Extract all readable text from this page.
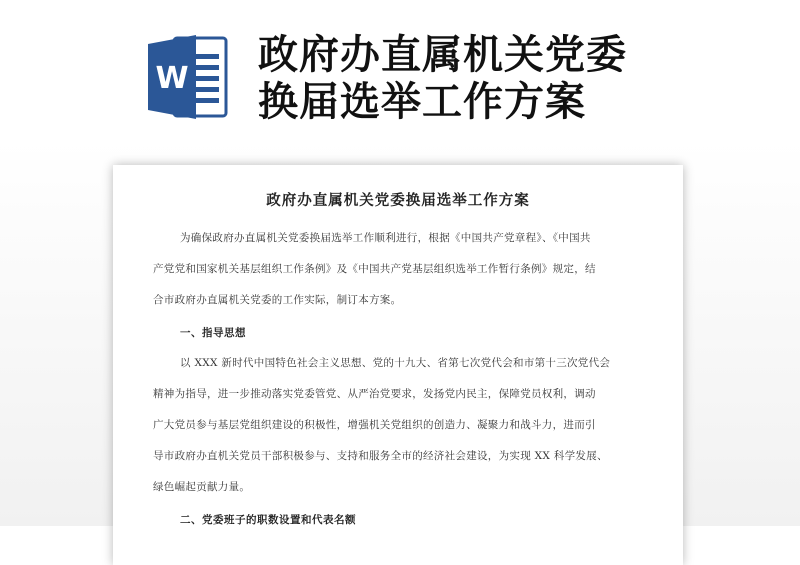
W
政府办直属机关党委
换届选举工作方案
政府办直属机关党委换届选举工作方案
为确保政府办直属机关党委换届选举工作顺利进行，根据《中国共产党章程》、《中国共
产党党和国家机关基层组织工作条例》及《中国共产党基层组织选举工作暂行条例》规定，结
合市政府办直属机关党委的工作实际，制订本方案。
一、指导思想
以 XXX 新时代中国特色社会主义思想、党的十九大、省第七次党代会和市第十三次党代会
精神为指导，进一步推动落实党委管党、从严治党要求，发扬党内民主，保障党员权利，调动
广大党员参与基层党组织建设的积极性，增强机关党组织的创造力、凝聚力和战斗力，进而引
导市政府办直机关党员干部积极参与、支持和服务全市的经济社会建设，为实现 XX 科学发展、
绿色崛起贡献力量。
二、党委班子的职数设置和代表名额
